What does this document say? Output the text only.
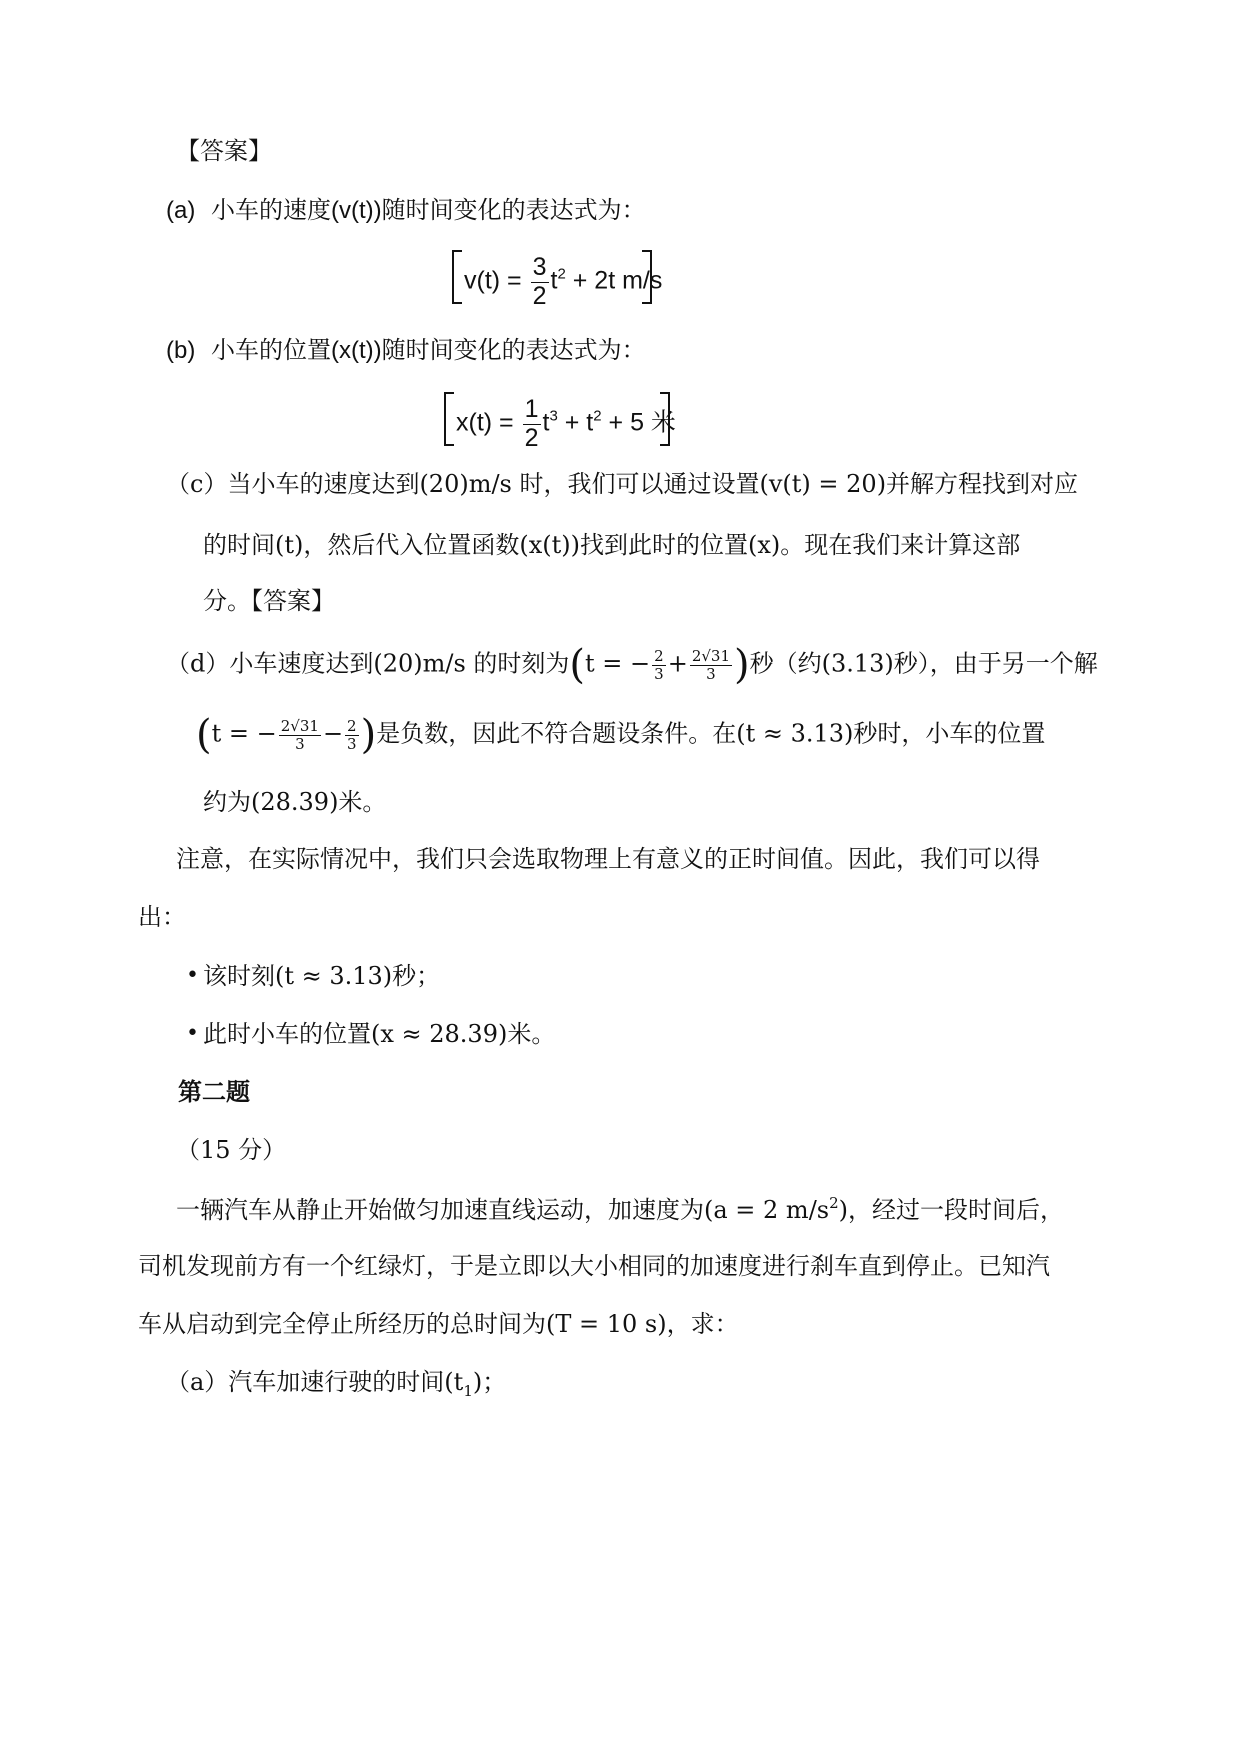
【答案】
(a) 小车的速度(v(t))随时间变化的表达式为：
$v(t) = \frac{3}{2} t^2 + 2t$ m/s
(b) 小车的位置(x(t))随时间变化的表达式为：
$x(t) = \frac{1}{2} t^3 + t^2 + 5$ 米
（c）当小车的速度达到(20)m/s 时，我们可以通过设置(v(t) = 20)并解方程找到对应
的时间(t)，然后代入位置函数(x(t))找到此时的位置(x)。现在我们来计算这部
分。【答案】
（d）小车速度达到(20)m/s 的时刻为(t = − $\frac{2}{3} + \frac{2√31}{3}$ )秒（约(3.13)秒），由于另一个解
(t = − $\frac{2√31}{3} - \frac{2}{3}$ )是负数，因此不符合题设条件。在(t ≈ 3.13)秒时，小车的位置
约为(28.39)米。
注意，在实际情况中，我们只会选取物理上有意义的正时间值。因此，我们可以得
出：
• 该时刻(t ≈ 3.13)秒；
• 此时小车的位置(x ≈ 28.39)米。
第二题
（15 分）
一辆汽车从静止开始做匀加速直线运动，加速度为(a = 2 $m/s^2$)，经过一段时间后，
司机发现前方有一个红绿灯，于是立即以大小相同的加速度进行刹车直到停止。已知汽
车从启动到完全停止所经历的总时间为(T = 10 s)，求：
（a）汽车加速行驶的时间$(t_1)$；
